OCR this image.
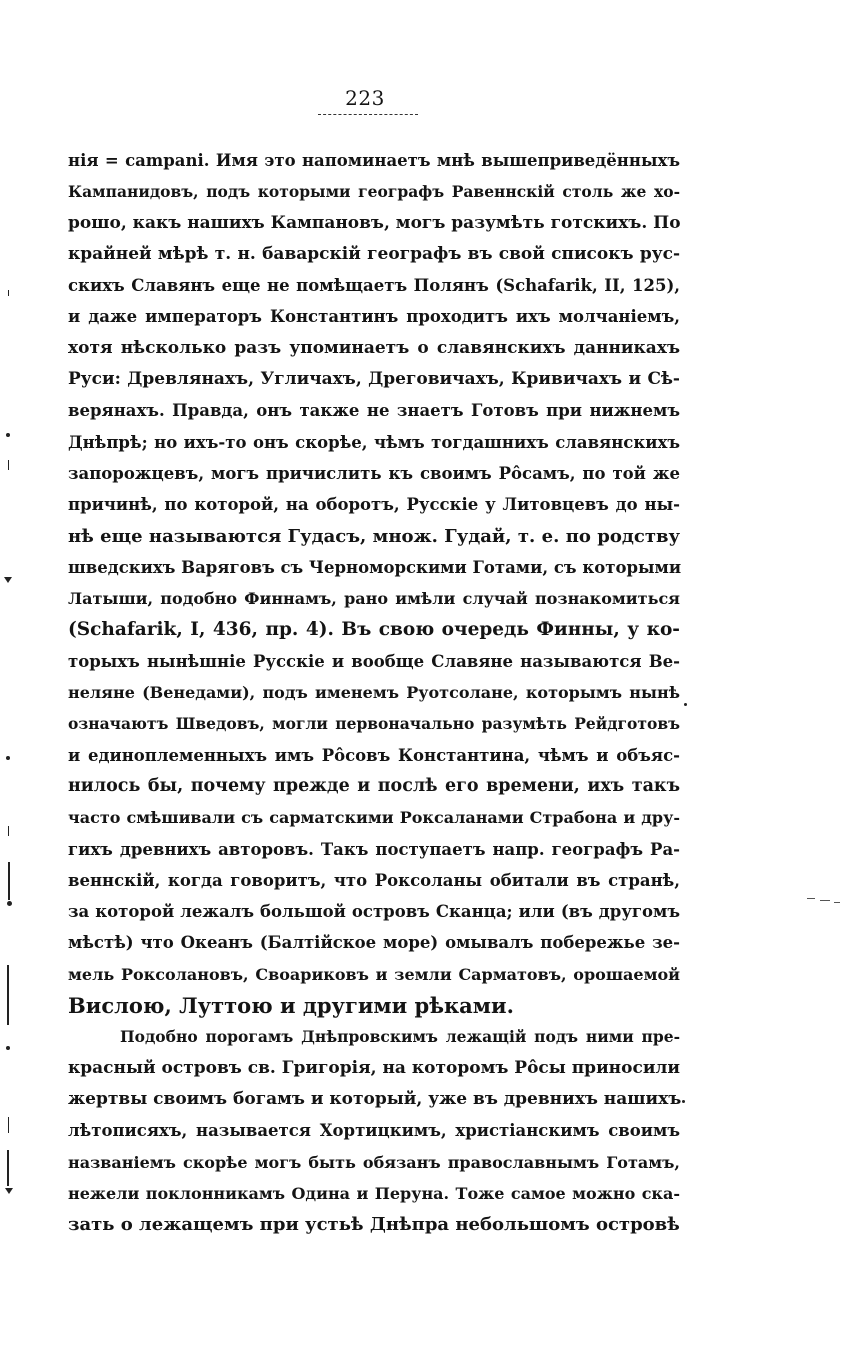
223
нія = campani. Имя это напоминаетъ мнѣ вышеприведённыхъ
Кампанидовъ, подъ которыми географъ Равеннскій столь же хо-
рошо, какъ нашихъ Кампановъ, могъ разумѣть готскихъ. По
крайней мѣрѣ т. н. баварскій географъ въ свой списокъ рус-
скихъ Славянъ еще не помѣщаетъ Полянъ (Schafarik, II, 125),
и даже императоръ Константинъ проходитъ ихъ молчаніемъ,
хотя нѣсколько разъ упоминаетъ о славянскихъ данникахъ
Руси: Древлянахъ, Угличахъ, Дреговичахъ, Кривичахъ и Сѣ-
верянахъ. Правда, онъ также не знаетъ Готовъ при нижнемъ
Днѣпрѣ; но ихъ-то онъ скорѣе, чѣмъ тогдашнихъ славянскихъ
запорожцевъ, могъ причислить къ своимъ Рôсамъ, по той же
причинѣ, по которой, на оборотъ, Русскіе у Литовцевъ до ны-
нѣ еще называются Гудасъ, множ. Гудай, т. е. по родству
шведскихъ Варяговъ съ Черноморскими Готами, съ которыми
Латыши, подобно Финнамъ, рано имѣли случай познакомиться
(Schafarik, I, 436, пр. 4). Въ свою очередь Финны, у ко-
торыхъ нынѣшніе Русскіе и вообще Славяне называются Ве-
неляне (Венедами), подъ именемъ Руотсоланe, которымъ нынѣ
означаютъ Шведовъ, могли первоначально разумѣть Рейдготовъ
и единоплеменныхъ имъ Рôсовъ Константина, чѣмъ и объяс-
нилось бы, почему прежде и послѣ его времени, ихъ такъ
часто смѣшивали съ сарматскими Роксаланами Страбона и дру-
гихъ древнихъ авторовъ. Такъ поступаетъ напр. географъ Ра-
веннскій, когда говоритъ, что Роксоланы обитали въ странѣ,
за которой лежалъ большой островъ Сканца; или (въ другомъ
мѣстѣ) что Океанъ (Балтійское море) омывалъ побережье зе-
мель Роксолановъ, Своариковъ и земли Сарматовъ, орошаемой
Вислою, Луттою и другими рѣками.
Подобно порогамъ Днѣпровскимъ лежащій подъ ними пре-
красный островъ св. Григорія, на которомъ Рôсы приносили
жертвы своимъ богамъ и который, уже въ древнихъ нашихъ
лѣтописяхъ, называется Хортицкимъ, христіанскимъ своимъ
названіемъ скорѣе могъ быть обязанъ православнымъ Готамъ,
нежели поклонникамъ Одина и Перуна. Тоже самое можно ска-
зать о лежащемъ при устьѣ Днѣпра небольшомъ островѣ
